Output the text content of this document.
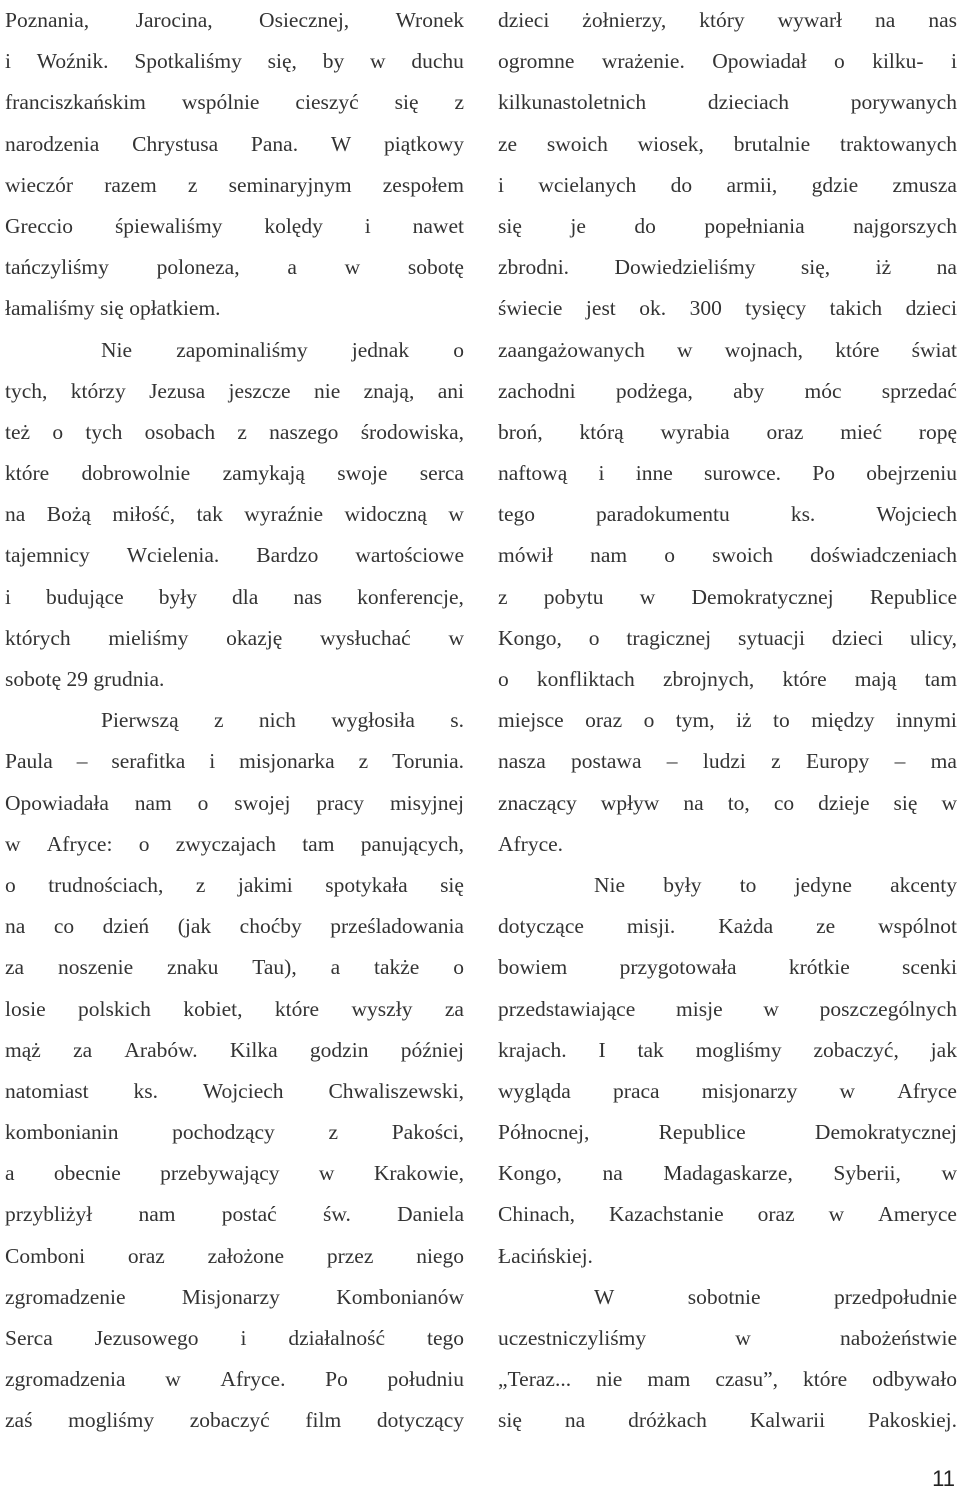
Poznania, Jarocina, Osiecznej, Wronek
i Woźnik. Spotkaliśmy się, by w duchu
franciszkańskim wspólnie cieszyć się z
narodzenia Chrystusa Pana. W piątkowy
wieczór razem z seminaryjnym zespołem
Greccio śpiewaliśmy kolędy i nawet
tańczyliśmy poloneza, a w sobotę
łamaliśmy się opłatkiem.
Nie zapominaliśmy jednak o
tych, którzy Jezusa jeszcze nie znają, ani
też o tych osobach z naszego środowiska,
które dobrowolnie zamykają swoje serca
na Bożą miłość, tak wyraźnie widoczną w
tajemnicy Wcielenia. Bardzo wartościowe
i budujące były dla nas konferencje,
których mieliśmy okazję wysłuchać w
sobotę 29 grudnia.
Pierwszą z nich wygłosiła s.
Paula – serafitka i misjonarka z Torunia.
Opowiadała nam o swojej pracy misyjnej
w Afryce: o zwyczajach tam panujących,
o trudnościach, z jakimi spotykała się
na co dzień (jak choćby prześladowania
za noszenie znaku Tau), a także o
losie polskich kobiet, które wyszły za
mąż za Arabów. Kilka godzin później
natomiast ks. Wojciech Chwaliszewski,
kombonianin pochodzący z Pakości,
a obecnie przebywający w Krakowie,
przybliżył nam postać św. Daniela
Comboni oraz założone przez niego
zgromadzenie	Misjonarzy	Kombonianów
Serca Jezusowego i działalność tego
zgromadzenia w Afryce. Po południu
zaś mogliśmy zobaczyć film dotyczący
dzieci żołnierzy, który wywarł na nas
ogromne wrażenie. Opowiadał o kilku- i
kilkunastoletnich	dzieciach	porywanych
ze swoich wiosek, brutalnie traktowanych
i wcielanych do armii, gdzie zmusza
się je do popełniania najgorszych
zbrodni. Dowiedzieliśmy się, iż na
świecie jest ok. 300 tysięcy takich dzieci
zaangażowanych w wojnach, które świat
zachodni podżega, aby móc sprzedać
broń, którą wyrabia oraz mieć ropę
naftową i inne surowce. Po obejrzeniu
tego	paradokumentu	ks.	Wojciech
mówił nam o swoich doświadczeniach
z pobytu w Demokratycznej Republice
Kongo, o tragicznej sytuacji dzieci ulicy,
o konfliktach zbrojnych, które mają tam
miejsce oraz o tym, iż to między innymi
nasza postawa – ludzi z Europy – ma
znaczący wpływ na to, co dzieje się w
Afryce.
Nie były to jedyne akcenty
dotyczące misji. Każda ze wspólnot
bowiem przygotowała krótkie scenki
przedstawiające misje w poszczególnych
krajach. I tak mogliśmy zobaczyć, jak
wygląda praca misjonarzy w Afryce
Północnej,	Republice	Demokratycznej
Kongo, na Madagaskarze, Syberii, w
Chinach, Kazachstanie oraz w Ameryce
Łacińskiej.
W	sobotnie	przedpołudnie
uczestniczyliśmy	w	nabożeństwie
„Teraz... nie mam czasu”, które odbywało
się na dróżkach Kalwarii Pakoskiej.
11
